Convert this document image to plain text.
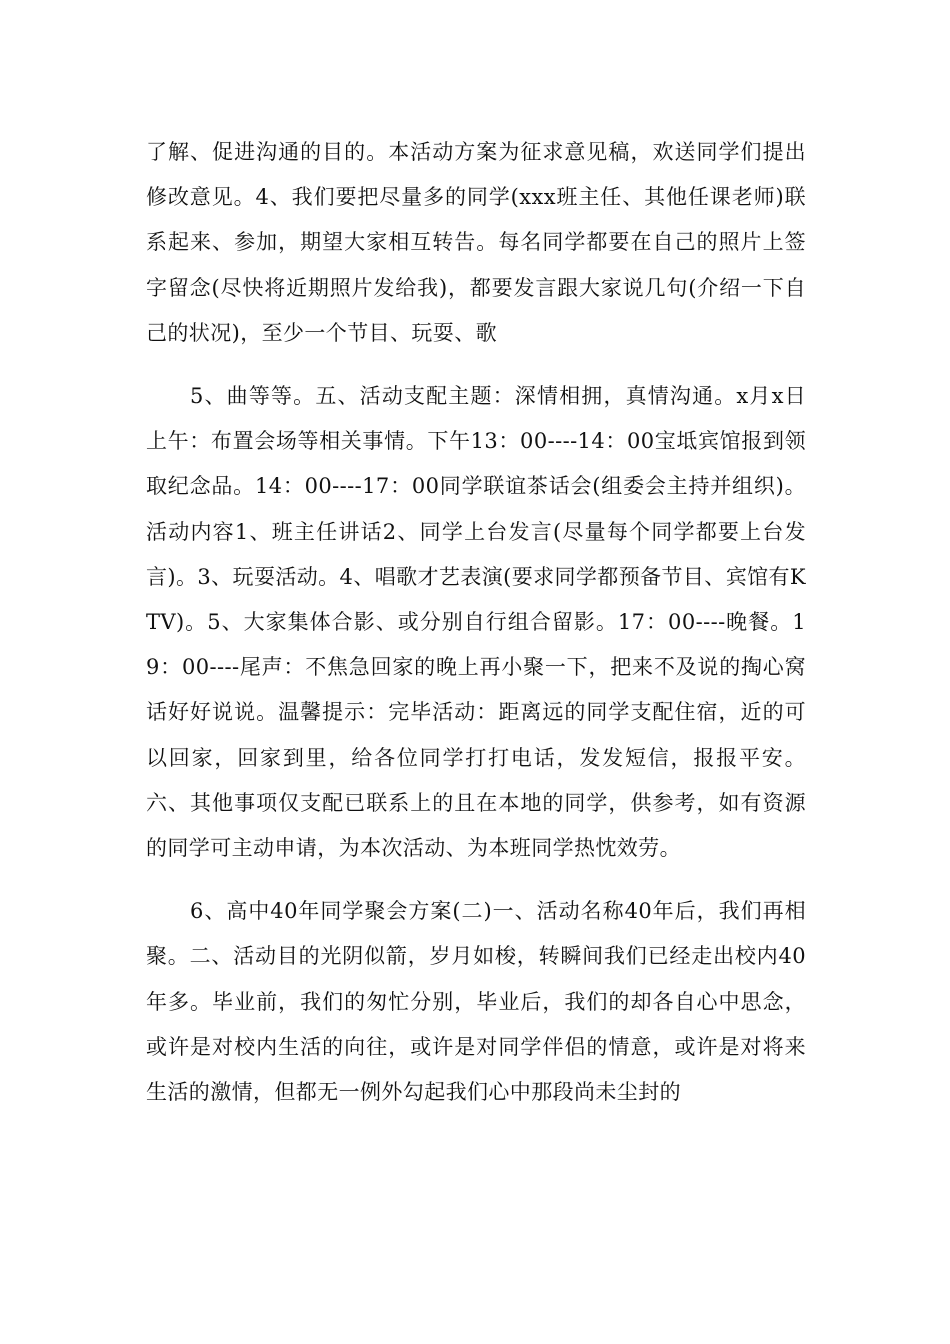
了解、促进沟通的目的。本活动方案为征求意见稿，欢送同学们提出修改意见。4、我们要把尽量多的同学(xxx班主任、其他任课老师)联系起来、参加，期望大家相互转告。每名同学都要在自己的照片上签字留念(尽快将近期照片发给我)，都要发言跟大家说几句(介绍一下自己的状况)，至少一个节目、玩耍、歌

5、曲等等。五、活动支配主题：深情相拥，真情沟通。x月x日上午：布置会场等相关事情。下午13：00----14：00宝坻宾馆报到领取纪念品。14：00----17：00同学联谊茶话会(组委会主持并组织)。活动内容1、班主任讲话2、同学上台发言(尽量每个同学都要上台发言)。3、玩耍活动。4、唱歌才艺表演(要求同学都预备节目、宾馆有KTV)。5、大家集体合影、或分别自行组合留影。17：00----晚餐。19：00----尾声：不焦急回家的晚上再小聚一下，把来不及说的掏心窝话好好说说。温馨提示：完毕活动：距离远的同学支配住宿，近的可以回家，回家到里，给各位同学打打电话，发发短信，报报平安。六、其他事项仅支配已联系上的且在本地的同学，供参考，如有资源的同学可主动申请，为本次活动、为本班同学热忱效劳。

6、高中40年同学聚会方案(二)一、活动名称40年后，我们再相聚。二、活动目的光阴似箭，岁月如梭，转瞬间我们已经走出校内40年多。毕业前，我们的匆忙分别，毕业后，我们的却各自心中思念，或许是对校内生活的向往，或许是对同学伴侣的情意，或许是对将来生活的激情，但都无一例外勾起我们心中那段尚未尘封的
